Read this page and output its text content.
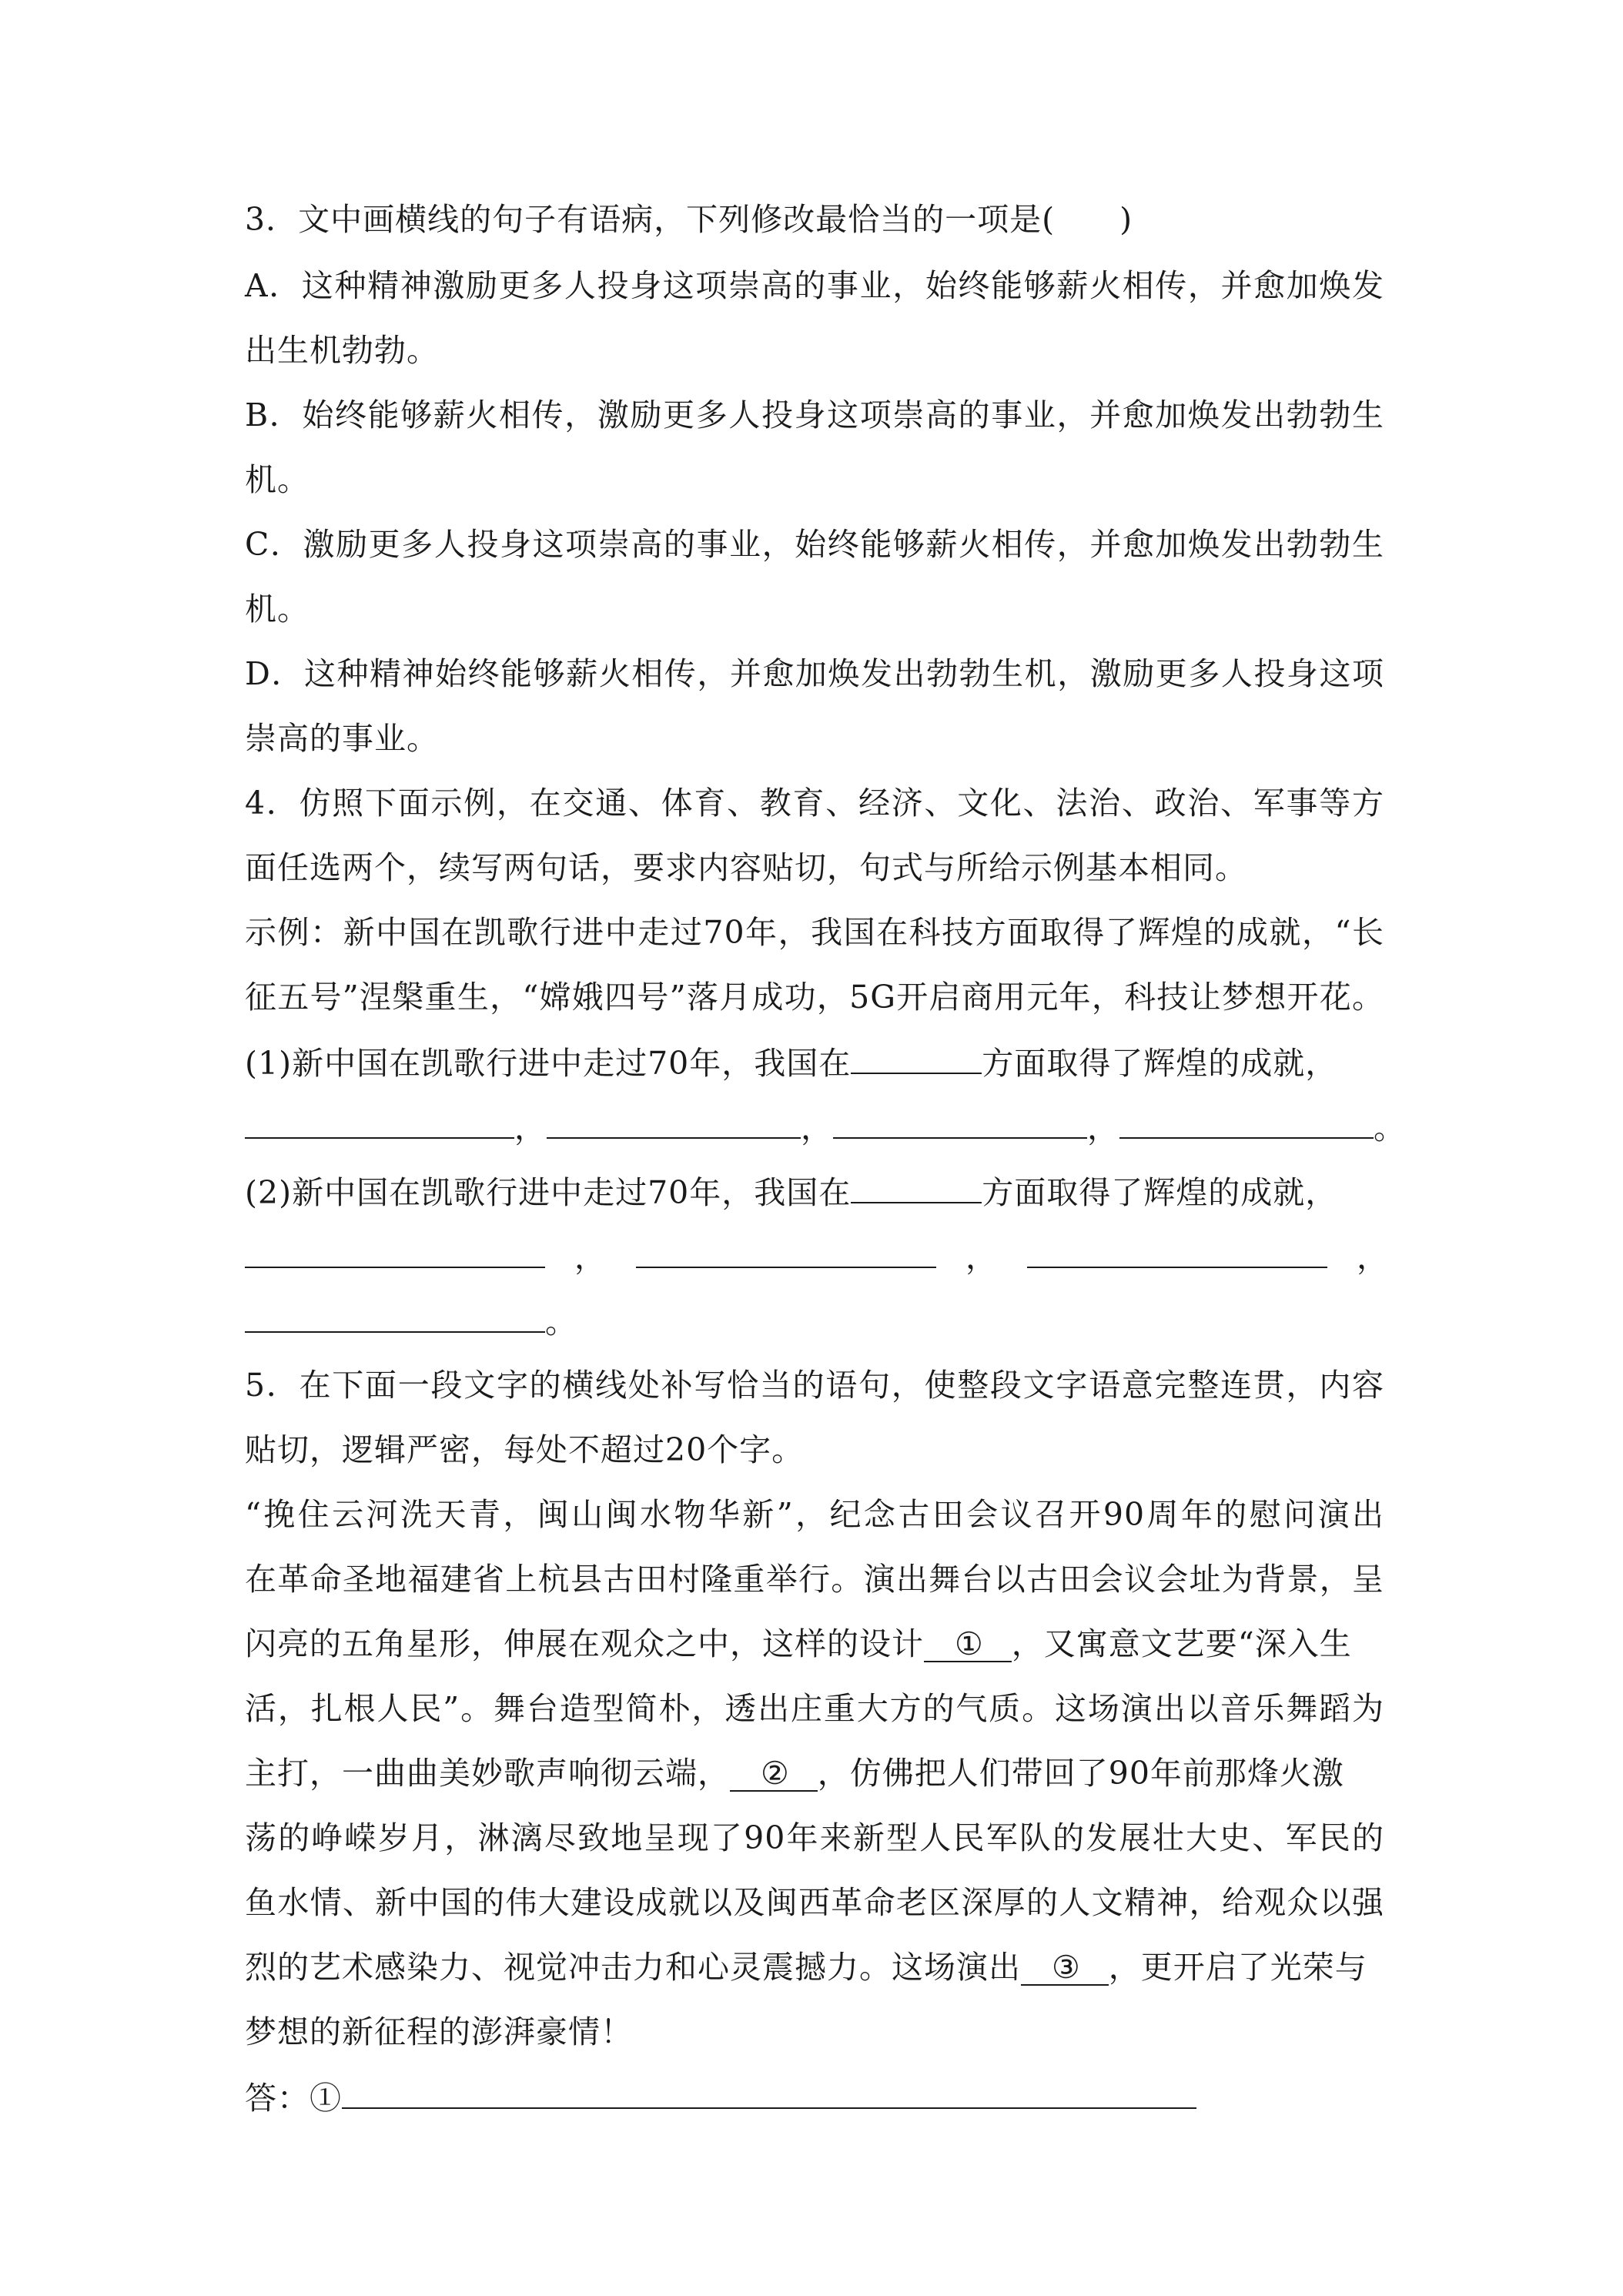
3．文中画横线的句子有语病，下列修改最恰当的一项是(　　)
A．这种精神激励更多人投身这项崇高的事业，始终能够薪火相传，并愈加焕发
出生机勃勃。
B．始终能够薪火相传，激励更多人投身这项崇高的事业，并愈加焕发出勃勃生
机。
C．激励更多人投身这项崇高的事业，始终能够薪火相传，并愈加焕发出勃勃生
机。
D．这种精神始终能够薪火相传，并愈加焕发出勃勃生机，激励更多人投身这项
崇高的事业。
4．仿照下面示例，在交通、体育、教育、经济、文化、法治、政治、军事等方
面任选两个，续写两句话，要求内容贴切，句式与所给示例基本相同。
示例：新中国在凯歌行进中走过70年，我国在科技方面取得了辉煌的成就，“长
征五号”涅槃重生，“嫦娥四号”落月成功，5G开启商用元年，科技让梦想开花。
(1)新中国在凯歌行进中走过70年，我国在	方面取得了辉煌的成就，
，	，	，	。
(2)新中国在凯歌行进中走过70年，我国在	方面取得了辉煌的成就，
，	，	，
。
5．在下面一段文字的横线处补写恰当的语句，使整段文字语意完整连贯，内容
贴切，逻辑严密，每处不超过20个字。
“挽住云河洗天青，闽山闽水物华新”，纪念古田会议召开90周年的慰问演出
在革命圣地福建省上杭县古田村隆重举行。演出舞台以古田会议会址为背景，呈
闪亮的五角星形，伸展在观众之中，这样的设计 ① ，又寓意文艺要“深入生
活，扎根人民”。舞台造型简朴，透出庄重大方的气质。这场演出以音乐舞蹈为
主打，一曲曲美妙歌声响彻云端， ② ，仿佛把人们带回了90年前那烽火激
荡的峥嵘岁月，淋漓尽致地呈现了90年来新型人民军队的发展壮大史、军民的
鱼水情、新中国的伟大建设成就以及闽西革命老区深厚的人文精神，给观众以强
烈的艺术感染力、视觉冲击力和心灵震撼力。这场演出 ③ ，更开启了光荣与
梦想的新征程的澎湃豪情！
答：①
